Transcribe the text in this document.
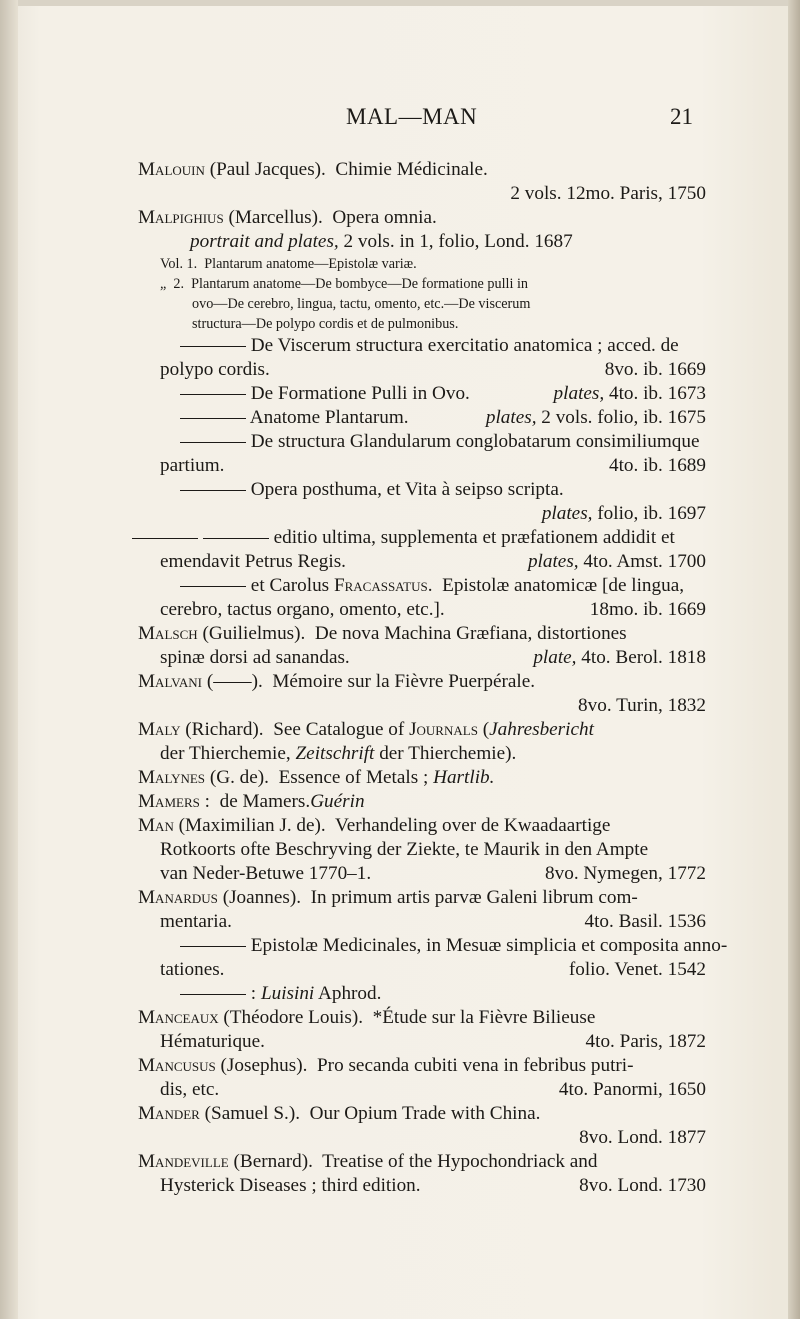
MAL—MAN	21
Malouin (Paul Jacques).  Chimie Médicinale.
2 vols. 12mo. Paris, 1750
Malpighius (Marcellus).  Opera omnia.
portrait and plates, 2 vols. in 1, folio, Lond. 1687
Vol. 1.  Plantarum anatome—Epistolæ variæ.
„  2.  Plantarum anatome—De bombyce—De formatione pulli in
ovo—De cerebro, lingua, tactu, omento, etc.—De viscerum
structura—De polypo cordis et de pulmonibus.
De Viscerum structura exercitatio anatomica ; acced. de
polypo cordis.	8vo. ib. 1669
De Formatione Pulli in Ovo.	plates, 4to. ib. 1673
Anatome Plantarum.	plates, 2 vols. folio, ib. 1675
De structura Glandularum conglobatarum consimiliumque
partium.	4to. ib. 1689
Opera posthuma, et Vita à seipso scripta.
plates, folio, ib. 1697
editio ultima, supplementa et præfationem addidit et
emendavit Petrus Regis.	plates, 4to. Amst. 1700
et Carolus Fracassatus.  Epistolæ anatomicæ [de lingua,
cerebro, tactus organo, omento, etc.].	18mo. ib. 1669
Malsch (Guilielmus).  De nova Machina Græfiana, distortiones
spinæ dorsi ad sanandas.	plate, 4to. Berol. 1818
Malvani (——).  Mémoire sur la Fièvre Puerpérale.
8vo. Turin, 1832
Maly (Richard).  See Catalogue of Journals (Jahresbericht
der Thierchemie, Zeitschrift der Thierchemie).
Malynes (G. de).  Essence of Metals ; Hartlib.
Mamers :  de Mamers.Guérin
Man (Maximilian J. de).  Verhandeling over de Kwaadaartige
Rotkoorts ofte Beschryving der Ziekte, te Maurik in den Ampte
van Neder-Betuwe 1770–1.	8vo. Nymegen, 1772
Manardus (Joannes).  In primum artis parvæ Galeni librum com-
mentaria.	4to. Basil. 1536
Epistolæ Medicinales, in Mesuæ simplicia et composita anno-
tationes.	folio. Venet. 1542
: Luisini Aphrod.
Manceaux (Théodore Louis).  *Étude sur la Fièvre Bilieuse
Hématurique.	4to. Paris, 1872
Mancusus (Josephus).  Pro secanda cubiti vena in febribus putri-
dis, etc.	4to. Panormi, 1650
Mander (Samuel S.).  Our Opium Trade with China.
8vo. Lond. 1877
Mandeville (Bernard).  Treatise of the Hypochondriack and
Hysterick Diseases ; third edition.	8vo. Lond. 1730
